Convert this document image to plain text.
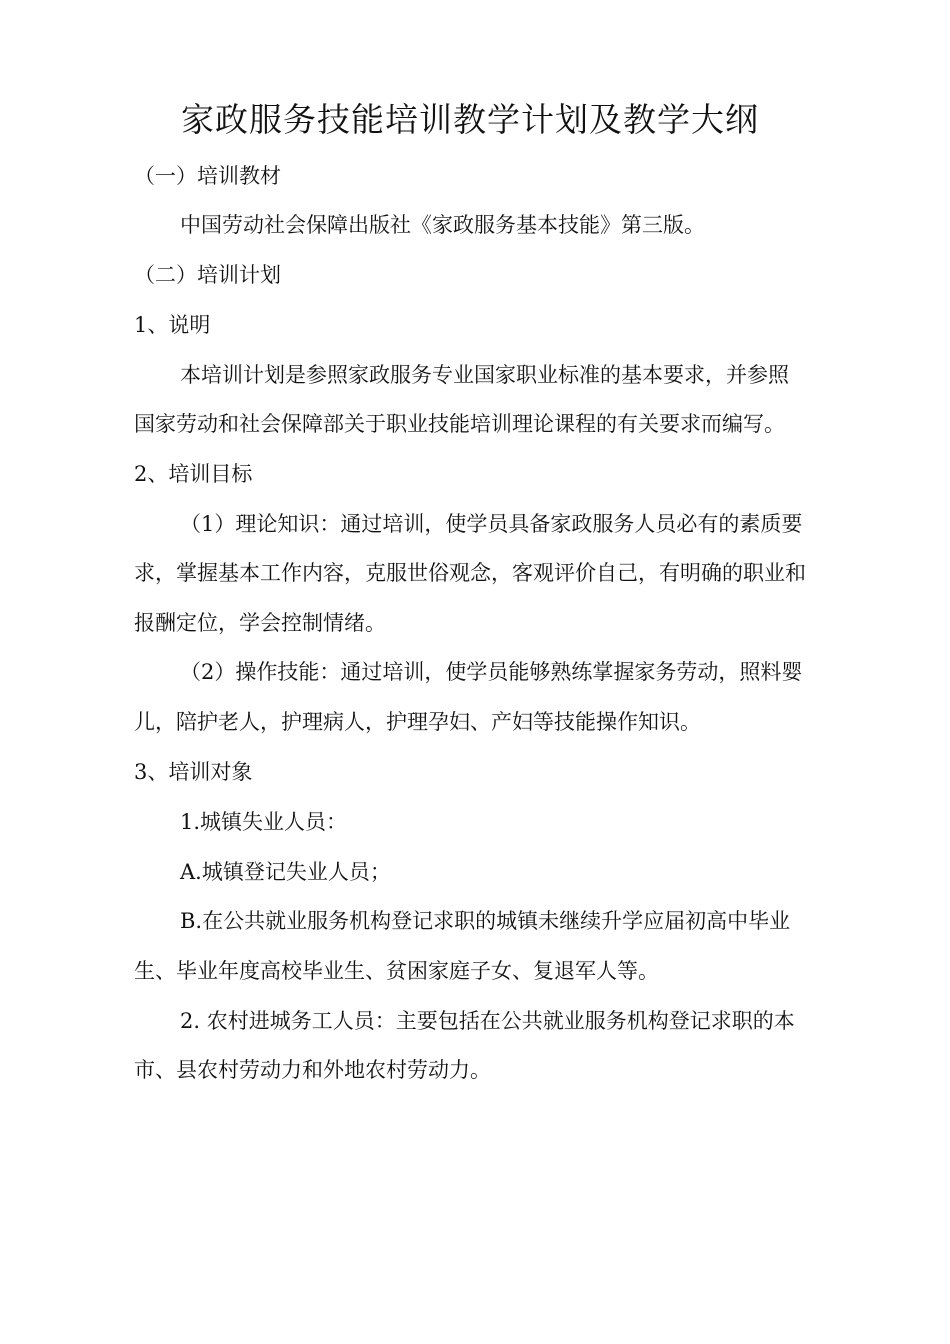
家政服务技能培训教学计划及教学大纲

（一）培训教材

中国劳动社会保障出版社《家政服务基本技能》第三版。

（二）培训计划

1、说明

本培训计划是参照家政服务专业国家职业标准的基本要求，并参照

国家劳动和社会保障部关于职业技能培训理论课程的有关要求而编写。

2、培训目标

（1）理论知识：通过培训，使学员具备家政服务人员必有的素质要

求，掌握基本工作内容，克服世俗观念，客观评价自己，有明确的职业和

报酬定位，学会控制情绪。

（2）操作技能：通过培训，使学员能够熟练掌握家务劳动，照料婴

儿，陪护老人，护理病人，护理孕妇、产妇等技能操作知识。

3、培训对象

1.城镇失业人员：

A.城镇登记失业人员；

B.在公共就业服务机构登记求职的城镇未继续升学应届初高中毕业

生、毕业年度高校毕业生、贫困家庭子女、复退军人等。

2. 农村进城务工人员：主要包括在公共就业服务机构登记求职的本

市、县农村劳动力和外地农村劳动力。
